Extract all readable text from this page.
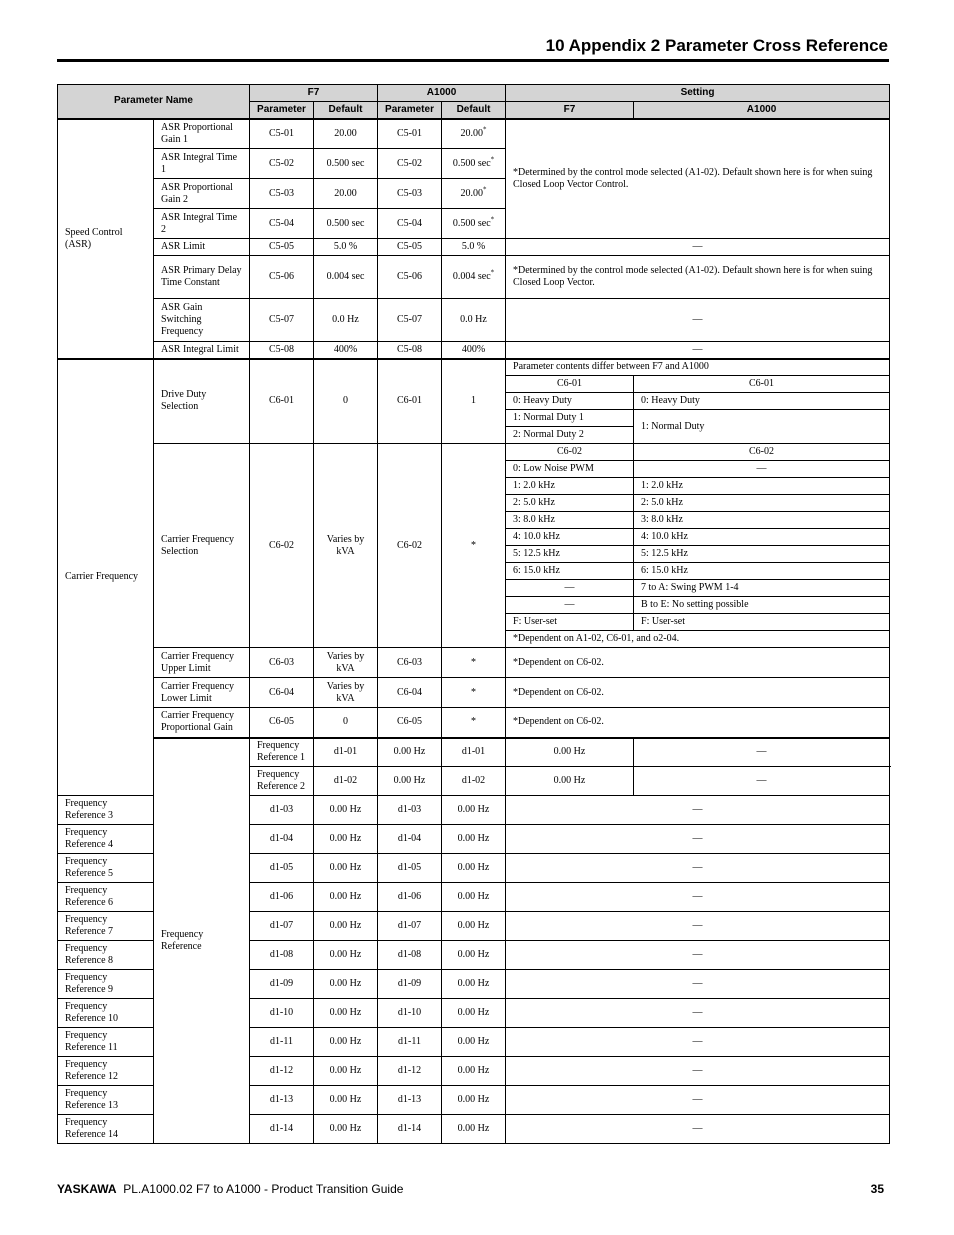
10 Appendix 2 Parameter Cross Reference
Parameter Name		F7		A1000		Setting	
		Parameter	Default	Parameter	Default	F7	A1000
Speed Control (ASR)	ASR Proportional Gain 1	C5-01	20.00	C5-01	20.00*	*Determined by the control mode selected (A1-02). Default shown here is for when suing Closed Loop Vector Control.	
	ASR Integral Time 1	C5-02	0.500 sec	C5-02	0.500 sec*
	ASR Proportional Gain 2	C5-03	20.00	C5-03	20.00*
	ASR Integral Time 2	C5-04	0.500 sec	C5-04	0.500 sec*
	ASR Limit	C5-05	5.0 %	C5-05	5.0 %	—	
	ASR Primary Delay Time Constant	C5-06	0.004 sec	C5-06	0.004 sec*	*Determined by the control mode selected (A1-02). Default shown here is for when suing Closed Loop Vector.	
	ASR Gain Switching Frequency	C5-07	0.0 Hz	C5-07	0.0 Hz	—	
	ASR Integral Limit	C5-08	400%	C5-08	400%	—	
Carrier Frequency	Drive Duty Selection	C6-01	0	C6-01	1	Parameter contents differ between F7 and A1000	
						C6-01	C6-01
						0: Heavy Duty	0: Heavy Duty
						1: Normal Duty 1	1: Normal Duty
						2: Normal Duty 2	
	Carrier Frequency Selection	C6-02	Varies by kVA	C6-02	*	C6-02	C6-02
						0: Low Noise PWM	—
						1: 2.0 kHz	1: 2.0 kHz
						2: 5.0 kHz	2: 5.0 kHz
						3: 8.0 kHz	3: 8.0 kHz
						4: 10.0 kHz	4: 10.0 kHz
						5: 12.5 kHz	5: 12.5 kHz
						6: 15.0 kHz	6: 15.0 kHz
						—	7 to A: Swing PWM 1-4
						—	B to E: No setting possible
						F: User-set	F: User-set
						*Dependent on A1-02, C6-01, and o2-04.	
	Carrier Frequency Upper Limit	C6-03	Varies by kVA	C6-03	*	*Dependent on C6-02.	
	Carrier Frequency Lower Limit	C6-04	Varies by kVA	C6-04	*	*Dependent on C6-02.	
	Carrier Frequency Proportional Gain	C6-05	0	C6-05	*	*Dependent on C6-02.	
	Frequency Reference	Frequency Reference 1	d1-01	0.00 Hz	d1-01	0.00 Hz	—
		Frequency Reference 2	d1-02	0.00 Hz	d1-02	0.00 Hz	—
Frequency Reference 3		d1-03	0.00 Hz	d1-03	0.00 Hz	—	
Frequency Reference 4		d1-04	0.00 Hz	d1-04	0.00 Hz	—	
Frequency Reference 5		d1-05	0.00 Hz	d1-05	0.00 Hz	—	
Frequency Reference 6		d1-06	0.00 Hz	d1-06	0.00 Hz	—	
Frequency Reference 7		d1-07	0.00 Hz	d1-07	0.00 Hz	—	
Frequency Reference 8		d1-08	0.00 Hz	d1-08	0.00 Hz	—	
Frequency Reference 9		d1-09	0.00 Hz	d1-09	0.00 Hz	—	
Frequency Reference 10		d1-10	0.00 Hz	d1-10	0.00 Hz	—	
Frequency Reference 11		d1-11	0.00 Hz	d1-11	0.00 Hz	—	
Frequency Reference 12		d1-12	0.00 Hz	d1-12	0.00 Hz	—	
Frequency Reference 13		d1-13	0.00 Hz	d1-13	0.00 Hz	—	
Frequency Reference 14		d1-14	0.00 Hz	d1-14	0.00 Hz	—	
YASKAWA PL.A1000.02 F7 to A1000 - Product Transition Guide	35
